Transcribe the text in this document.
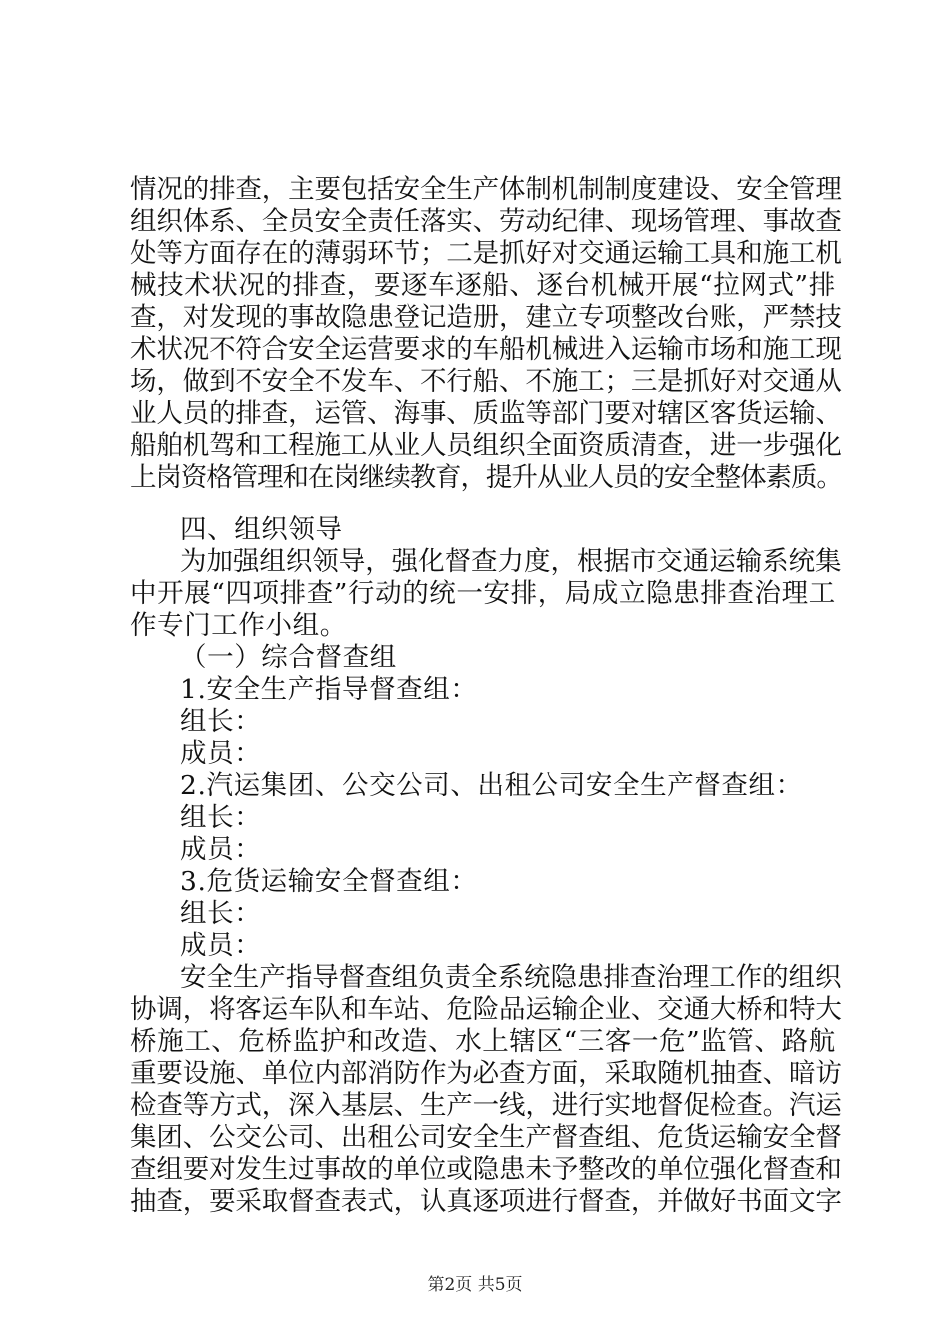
情况的排查，主要包括安全生产体制机制制度建设、安全管理
组织体系、全员安全责任落实、劳动纪律、现场管理、事故查
处等方面存在的薄弱环节；二是抓好对交通运输工具和施工机
械技术状况的排查，要逐车逐船、逐台机械开展“拉网式”排
查，对发现的事故隐患登记造册，建立专项整改台账，严禁技
术状况不符合安全运营要求的车船机械进入运输市场和施工现
场，做到不安全不发车、不行船、不施工；三是抓好对交通从
业人员的排查，运管、海事、质监等部门要对辖区客货运输、
船舶机驾和工程施工从业人员组织全面资质清查，进一步强化
上岗资格管理和在岗继续教育，提升从业人员的安全整体素质。
四、组织领导
为加强组织领导，强化督查力度，根据市交通运输系统集
中开展“四项排查”行动的统一安排，局成立隐患排查治理工
作专门工作小组。
（一）综合督查组
1.安全生产指导督查组：
组长：
成员：
2.汽运集团、公交公司、出租公司安全生产督查组：
组长：
成员：
3.危货运输安全督查组：
组长：
成员：
安全生产指导督查组负责全系统隐患排查治理工作的组织
协调，将客运车队和车站、危险品运输企业、交通大桥和特大
桥施工、危桥监护和改造、水上辖区“三客一危”监管、路航
重要设施、单位内部消防作为必查方面，采取随机抽查、暗访
检查等方式，深入基层、生产一线，进行实地督促检查。汽运
集团、公交公司、出租公司安全生产督查组、危货运输安全督
查组要对发生过事故的单位或隐患未予整改的单位强化督查和
抽查，要采取督查表式，认真逐项进行督查，并做好书面文字
第2页 共5页
